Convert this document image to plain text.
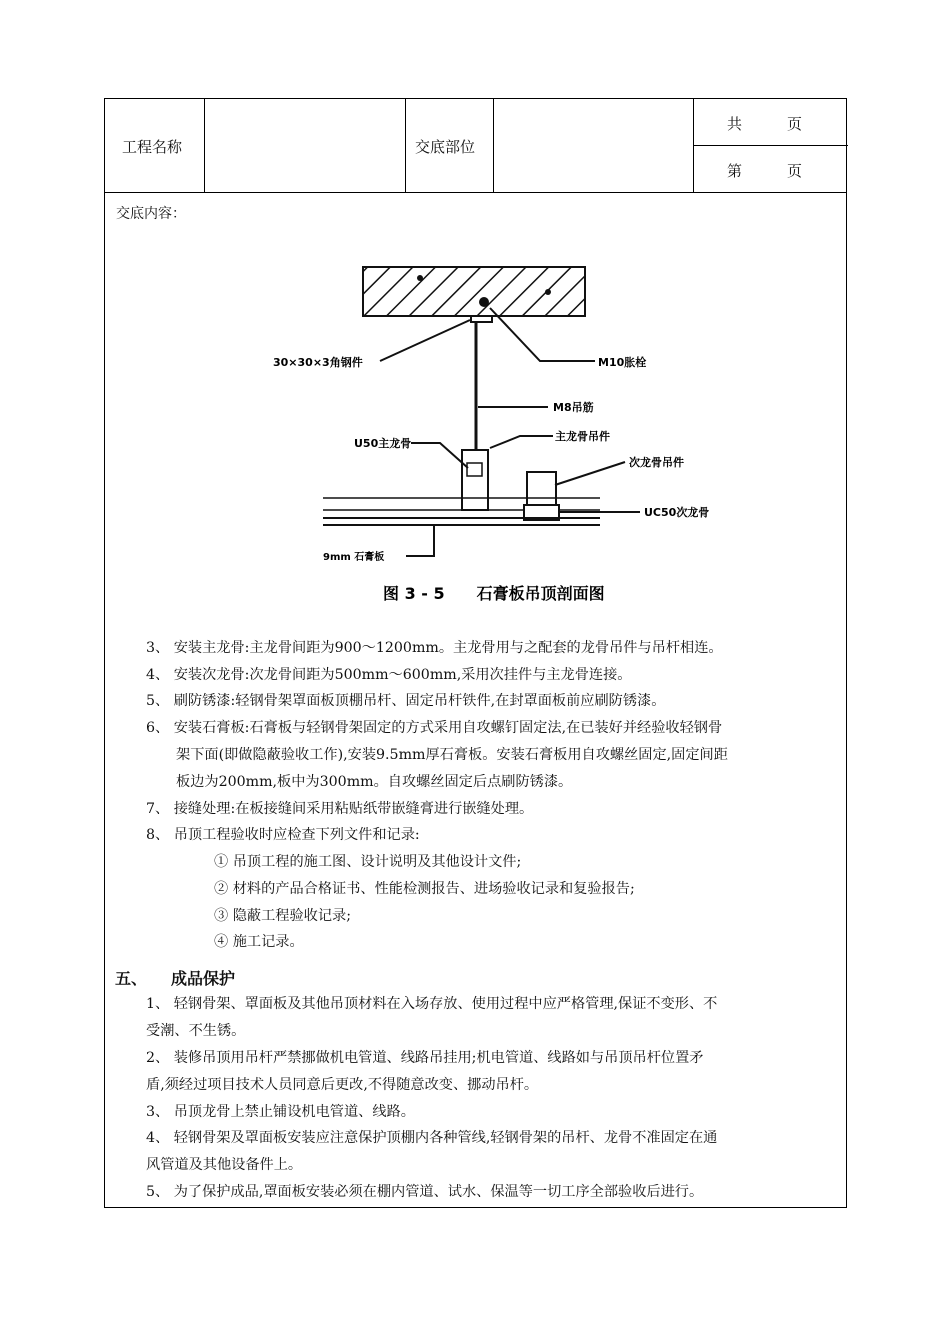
工程名称	交底部位
共　　　页
第　　　页
交底内容：
30×30×3角钢件	M10胀栓
M8吊筋
主龙骨吊件
U50主龙骨
次龙骨吊件
UC50次龙骨
9mm 石膏板
图 3 - 5　　石膏板吊顶剖面图
3、 安装主龙骨:主龙骨间距为900～1200mm。主龙骨用与之配套的龙骨吊件与吊杆相连。
4、 安装次龙骨:次龙骨间距为500mm～600mm,采用次挂件与主龙骨连接。
5、 刷防锈漆:轻钢骨架罩面板顶棚吊杆、固定吊杆铁件,在封罩面板前应刷防锈漆。
6、 安装石膏板:石膏板与轻钢骨架固定的方式采用自攻螺钉固定法,在已装好并经验收轻钢骨
架下面(即做隐蔽验收工作),安装9.5mm厚石膏板。安装石膏板用自攻螺丝固定,固定间距
板边为200mm,板中为300mm。自攻螺丝固定后点刷防锈漆。
7、 接缝处理:在板接缝间采用粘贴纸带嵌缝膏进行嵌缝处理。
8、 吊顶工程验收时应检查下列文件和记录:
① 吊顶工程的施工图、设计说明及其他设计文件;
② 材料的产品合格证书、性能检测报告、进场验收记录和复验报告;
③ 隐蔽工程验收记录;
④ 施工记录。
五、 成品保护
1、 轻钢骨架、罩面板及其他吊顶材料在入场存放、使用过程中应严格管理,保证不变形、不
受潮、不生锈。
2、 装修吊顶用吊杆严禁挪做机电管道、线路吊挂用;机电管道、线路如与吊顶吊杆位置矛
盾,须经过项目技术人员同意后更改,不得随意改变、挪动吊杆。
3、 吊顶龙骨上禁止铺设机电管道、线路。
4、 轻钢骨架及罩面板安装应注意保护顶棚内各种管线,轻钢骨架的吊杆、龙骨不准固定在通
风管道及其他设备件上。
5、 为了保护成品,罩面板安装必须在棚内管道、试水、保温等一切工序全部验收后进行。
